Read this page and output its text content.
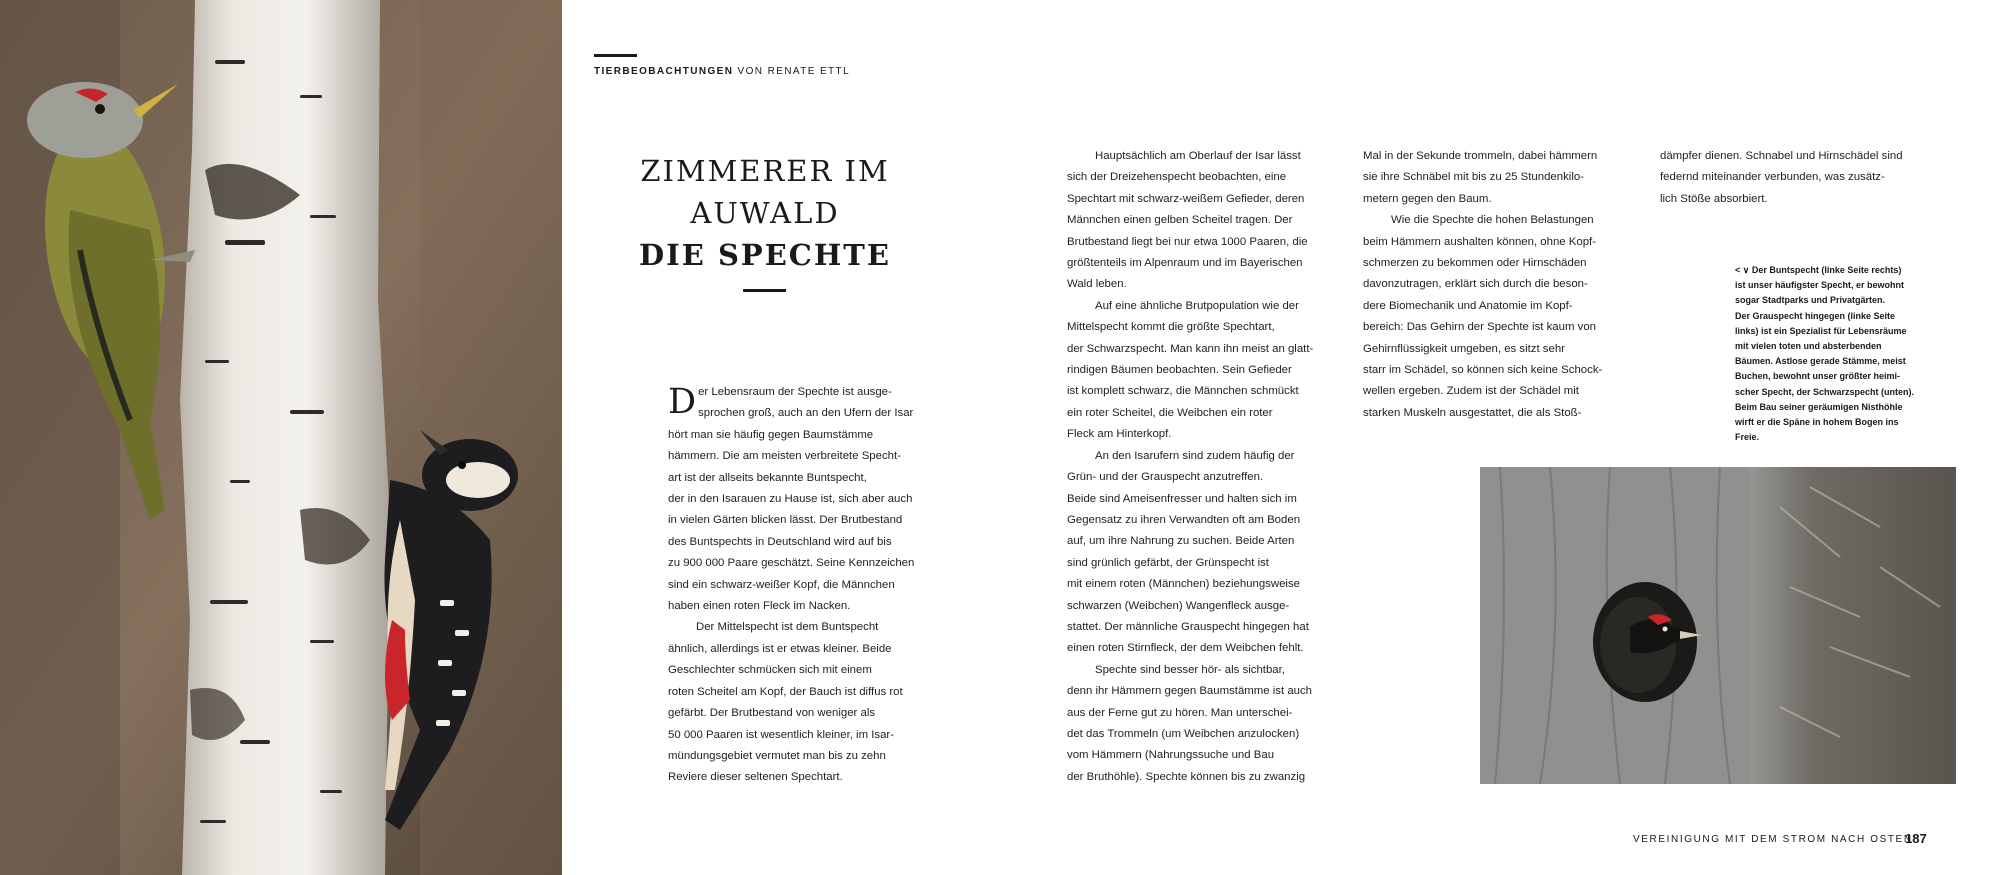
TIERBEOBACHTUNGEN VON RENATE ETTL
ZIMMERER IM
AUWALD
DIE SPECHTE

D er Lebensraum der Spechte ist ausge-
sprochen groß, auch an den Ufern der Isar
hört man sie häufig gegen Baumstämme
hämmern. Die am meisten verbreitete Specht-
art ist der allseits bekannte Buntspecht,
der in den Isarauen zu Hause ist, sich aber auch
in vielen Gärten blicken lässt. Der Brutbestand
des Buntspechts in Deutschland wird auf bis
zu 900 000 Paare geschätzt. Seine Kennzeichen
sind ein schwarz-weißer Kopf, die Männchen
haben einen roten Fleck im Nacken.

Der Mittelspecht ist dem Buntspecht
ähnlich, allerdings ist er etwas kleiner. Beide
Geschlechter schmücken sich mit einem
roten Scheitel am Kopf, der Bauch ist diffus rot
gefärbt. Der Brutbestand von weniger als
50 000 Paaren ist wesentlich kleiner, im Isar-
mündungsgebiet vermutet man bis zu zehn
Reviere dieser seltenen Spechtart.

Hauptsächlich am Oberlauf der Isar lässt
sich der Dreizehenspecht beobachten, eine
Spechtart mit schwarz-weißem Gefieder, deren
Männchen einen gelben Scheitel tragen. Der
Brutbestand liegt bei nur etwa 1000 Paaren, die
größtenteils im Alpenraum und im Bayerischen
Wald leben.

Auf eine ähnliche Brutpopulation wie der
Mittelspecht kommt die größte Spechtart,
der Schwarzspecht. Man kann ihn meist an glatt-
rindigen Bäumen beobachten. Sein Gefieder
ist komplett schwarz, die Männchen schmückt
ein roter Scheitel, die Weibchen ein roter
Fleck am Hinterkopf.

An den Isarufern sind zudem häufig der
Grün- und der Grauspecht anzutreffen.
Beide sind Ameisenfresser und halten sich im
Gegensatz zu ihren Verwandten oft am Boden
auf, um ihre Nahrung zu suchen. Beide Arten
sind grünlich gefärbt, der Grünspecht ist
mit einem roten (Männchen) beziehungsweise
schwarzen (Weibchen) Wangenfleck ausge-
stattet. Der männliche Grauspecht hingegen hat
einen roten Stirnfleck, der dem Weibchen fehlt.

Spechte sind besser hör- als sichtbar,
denn ihr Hämmern gegen Baumstämme ist auch
aus der Ferne gut zu hören. Man unterschei-
det das Trommeln (um Weibchen anzulocken)
vom Hämmern (Nahrungssuche und Bau
der Bruthöhle). Spechte können bis zu zwanzig

Mal in der Sekunde trommeln, dabei hämmern
sie ihre Schnäbel mit bis zu 25 Stundenkilo-
metern gegen den Baum.

Wie die Spechte die hohen Belastungen
beim Hämmern aushalten können, ohne Kopf-
schmerzen zu bekommen oder Hirnschäden
davonzutragen, erklärt sich durch die beson-
dere Biomechanik und Anatomie im Kopf-
bereich: Das Gehirn der Spechte ist kaum von
Gehirnflüssigkeit umgeben, es sitzt sehr
starr im Schädel, so können sich keine Schock-
wellen ergeben. Zudem ist der Schädel mit
starken Muskeln ausgestattet, die als Stoß-

dämpfer dienen. Schnabel und Hirnschädel sind
federnd miteinander verbunden, was zusätz-
lich Stöße absorbiert.

< ∨ Der Buntspecht (linke Seite rechts)
ist unser häufigster Specht, er bewohnt
sogar Stadtparks und Privatgärten.
Der Grauspecht hingegen (linke Seite
links) ist ein Spezialist für Lebensräume
mit vielen toten und absterbenden
Bäumen. Astlose gerade Stämme, meist
Buchen, bewohnt unser größter heimi-
scher Specht, der Schwarzspecht (unten).
Beim Bau seiner geräumigen Nisthöhle
wirft er die Späne in hohem Bogen ins
Freie.
VEREINIGUNG MIT DEM STROM NACH OSTEN
187
